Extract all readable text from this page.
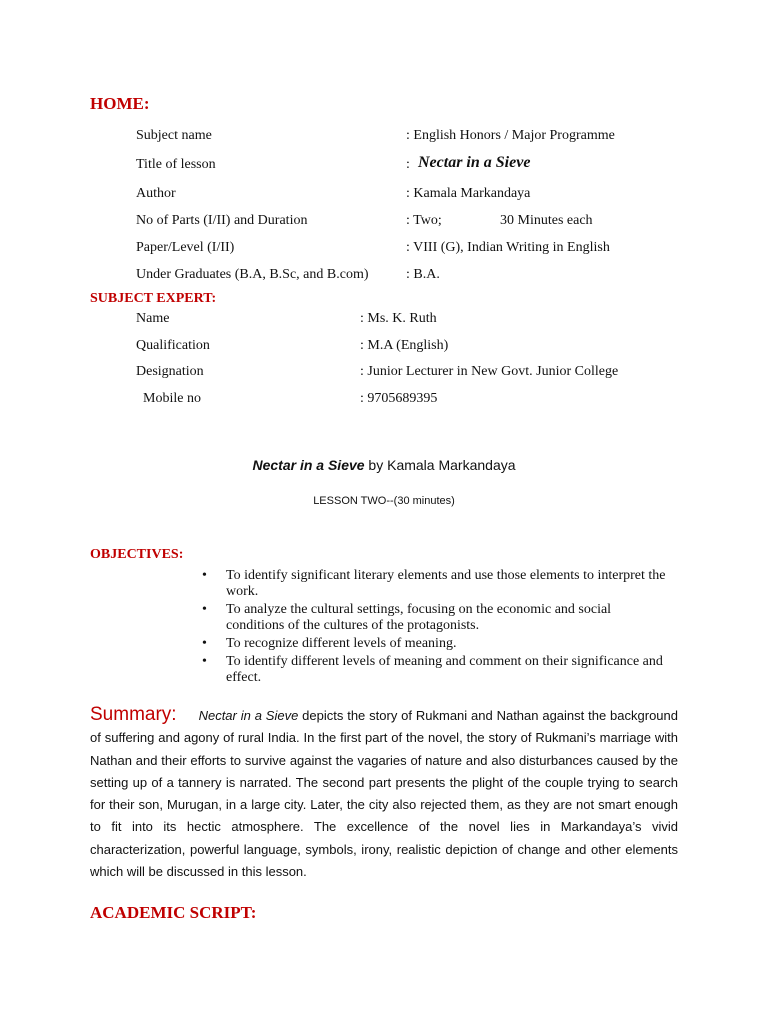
HOME:
Subject name	: English Honors / Major Programme
Title of lesson	: Nectar in a Sieve
Author	: Kamala Markandaya
No of Parts (I/II) and Duration	: Two;	30 Minutes each
Paper/Level (I/II)	: VIII (G), Indian Writing in English
Under Graduates (B.A, B.Sc, and B.com)	: B.A.
SUBJECT EXPERT:
Name	: Ms. K. Ruth
Qualification	: M.A (English)
Designation	: Junior Lecturer in New Govt. Junior College
Mobile no	: 9705689395
Nectar in a Sieve by Kamala Markandaya
LESSON TWO--(30 minutes)
OBJECTIVES:
• To identify significant literary elements and use those elements to interpret the work.
• To analyze the cultural settings, focusing on the economic and social conditions of the cultures of the protagonists.
• To recognize different levels of meaning.
• To identify different levels of meaning and comment on their significance and effect.
Summary: Nectar in a Sieve depicts the story of Rukmani and Nathan against the background of suffering and agony of rural India. In the first part of the novel, the story of Rukmani’s marriage with Nathan and their efforts to survive against the vagaries of nature and also disturbances caused by the setting up of a tannery is narrated. The second part presents the plight of the couple trying to search for their son, Murugan, in a large city. Later, the city also rejected them, as they are not smart enough to fit into its hectic atmosphere. The excellence of the novel lies in Markandaya’s vivid characterization, powerful language, symbols, irony, realistic depiction of change and other elements which will be discussed in this lesson.
ACADEMIC SCRIPT:
